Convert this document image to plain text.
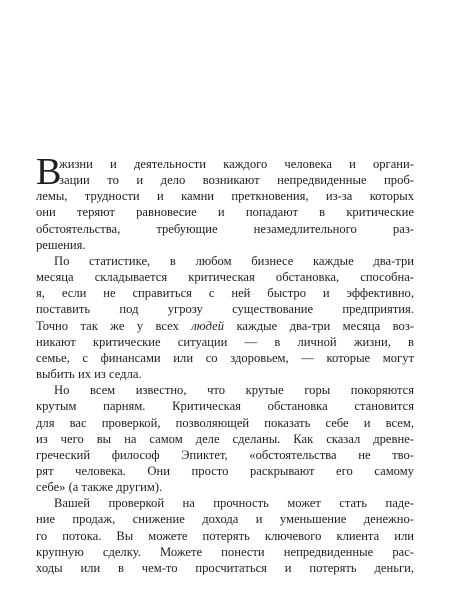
В
жизни и деятельности каждого человека и органи-
зации то и дело возникают непредвиденные проб-
лемы, трудности и камни преткновения, из-за которых
они теряют равновесие и попадают в критические
обстоятельства, требующие незамедлительного раз-
решения.
По статистике, в любом бизнесе каждые два-три
месяца складывается критическая обстановка, способна-
я, если не справиться с ней быстро и эффективно,
поставить под угрозу существование предприятия.
Точно так же у всех людей каждые два-три месяца воз-
никают критические ситуации — в личной жизни, в
семье, с финансами или со здоровьем, — которые могут
выбить их из седла.
Но всем известно, что крутые горы покоряются
крутым парням. Критическая обстановка становится
для вас проверкой, позволяющей показать себе и всем,
из чего вы на самом деле сделаны. Как сказал древне-
греческий философ Эпиктет, «обстоятельства не тво-
рят человека. Они просто раскрывают его самому
себе» (а также другим).
Вашей проверкой на прочность может стать паде-
ние продаж, снижение дохода и уменьшение денежно-
го потока. Вы можете потерять ключевого клиента или
крупную сделку. Можете понести непредвиденные рас-
ходы или в чем-то просчитаться и потерять деньги,
